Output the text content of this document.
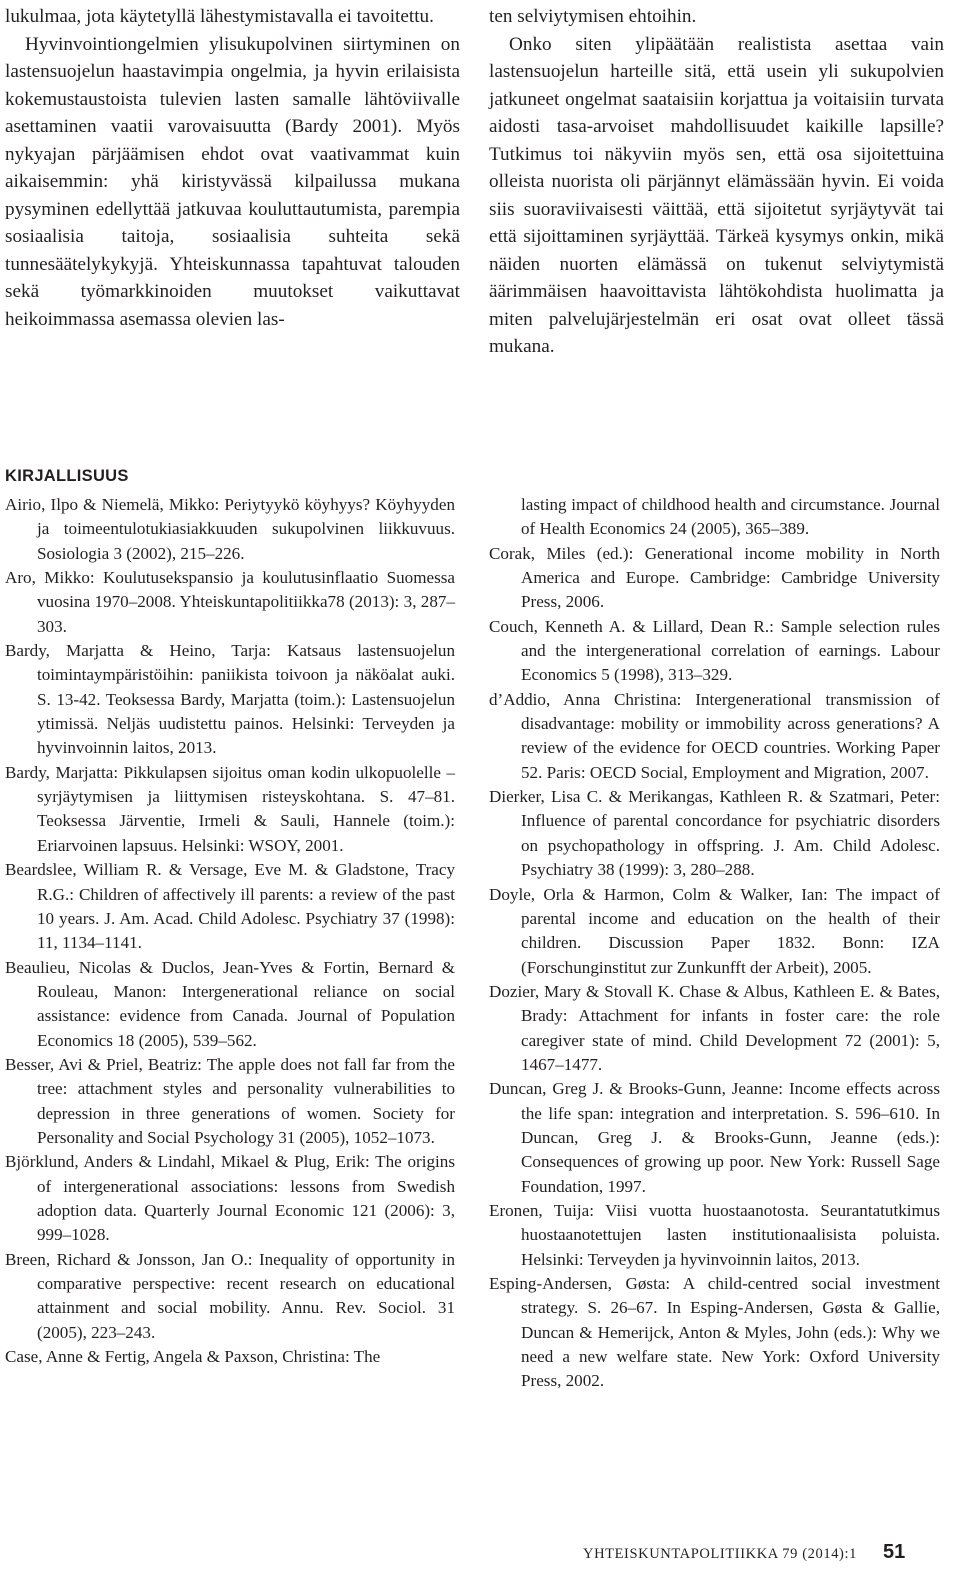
lukulmaa, jota käytetyllä lähestymistavalla ei tavoitettu.

Hyvinvointiongelmien ylisukupolvinen siirtyminen on lastensuojelun haastavimpia ongelmia, ja hyvin erilaisista kokemustaustoista tulevien lasten samalle lähtöviivalle asettaminen vaatii varovaisuutta (Bardy 2001). Myös nykyajan pärjäämisen ehdot ovat vaativammat kuin aikaisemmin: yhä kiristyvässä kilpailussa mukana pysyminen edellyttää jatkuvaa kouluttautumista, parempia sosiaalisia taitoja, sosiaalisia suhteita sekä tunnesäätelykykyjä. Yhteiskunnassa tapahtuvat talouden sekä työmarkkinoiden muutokset vaikuttavat heikoimmassa asemassa olevien las-

ten selviytymisen ehtoihin.

Onko siten ylipäätään realistista asettaa vain lastensuojelun harteille sitä, että usein yli sukupolvien jatkuneet ongelmat saataisiin korjattua ja voitaisiin turvata aidosti tasa-arvoiset mahdollisuudet kaikille lapsille? Tutkimus toi näkyviin myös sen, että osa sijoitettuina olleista nuorista oli pärjännyt elämässään hyvin. Ei voida siis suoraviivaisesti väittää, että sijoitetut syrjäytyvät tai että sijoittaminen syrjäyttää. Tärkeä kysymys onkin, mikä näiden nuorten elämässä on tukenut selviytymistä äärimmäisen haavoittavista lähtökohdista huolimatta ja miten palvelujärjestelmän eri osat ovat olleet tässä mukana.

KIRJALLISUUS
Airio, Ilpo & Niemelä, Mikko: Periytyykö köyhyys? Köyhyyden ja toimeentulotukiasiakkuuden sukupolvinen liikkuvuus. Sosiologia 3 (2002), 215–226.
Aro, Mikko: Koulutusekspansio ja koulutusinflaatio Suomessa vuosina 1970–2008. Yhteiskuntapolitiikka78 (2013): 3, 287–303.
Bardy, Marjatta & Heino, Tarja: Katsaus lastensuojelun toimintaympäristöihin: paniikista toivoon ja näköalat auki. S. 13-42. Teoksessa Bardy, Marjatta (toim.): Lastensuojelun ytimissä. Neljäs uudistettu painos. Helsinki: Terveyden ja hyvinvoinnin laitos, 2013.
Bardy, Marjatta: Pikkulapsen sijoitus oman kodin ulkopuolelle – syrjäytymisen ja liittymisen risteyskohtana. S. 47–81. Teoksessa Järventie, Irmeli & Sauli, Hannele (toim.): Eriarvoinen lapsuus. Helsinki: WSOY, 2001.
Beardslee, William R. & Versage, Eve M. & Gladstone, Tracy R.G.: Children of affectively ill parents: a review of the past 10 years. J. Am. Acad. Child Adolesc. Psychiatry 37 (1998): 11, 1134–1141.
Beaulieu, Nicolas & Duclos, Jean-Yves & Fortin, Bernard & Rouleau, Manon: Intergenerational reliance on social assistance: evidence from Canada. Journal of Population Economics 18 (2005), 539–562.
Besser, Avi & Priel, Beatriz: The apple does not fall far from the tree: attachment styles and personality vulnerabilities to depression in three generations of women. Society for Personality and Social Psychology 31 (2005), 1052–1073.
Björklund, Anders & Lindahl, Mikael & Plug, Erik: The origins of intergenerational associations: lessons from Swedish adoption data. Quarterly Journal Economic 121 (2006): 3, 999–1028.
Breen, Richard & Jonsson, Jan O.: Inequality of opportunity in comparative perspective: recent research on educational attainment and social mobility. Annu. Rev. Sociol. 31 (2005), 223–243.
Case, Anne & Fertig, Angela & Paxson, Christina: The
lasting impact of childhood health and circumstance. Journal of Health Economics 24 (2005), 365–389.
Corak, Miles (ed.): Generational income mobility in North America and Europe. Cambridge: Cambridge University Press, 2006.
Couch, Kenneth A. & Lillard, Dean R.: Sample selection rules and the intergenerational correlation of earnings. Labour Economics 5 (1998), 313–329.
d’Addio, Anna Christina: Intergenerational transmission of disadvantage: mobility or immobility across generations? A review of the evidence for OECD countries. Working Paper 52. Paris: OECD Social, Employment and Migration, 2007.
Dierker, Lisa C. & Merikangas, Kathleen R. & Szatmari, Peter: Influence of parental concordance for psychiatric disorders on psychopathology in offspring. J. Am. Child Adolesc. Psychiatry 38 (1999): 3, 280–288.
Doyle, Orla & Harmon, Colm & Walker, Ian: The impact of parental income and education on the health of their children. Discussion Paper 1832. Bonn: IZA (Forschunginstitut zur Zunkunfft der Arbeit), 2005.
Dozier, Mary & Stovall K. Chase & Albus, Kathleen E. & Bates, Brady: Attachment for infants in foster care: the role caregiver state of mind. Child Development 72 (2001): 5, 1467–1477.
Duncan, Greg J. & Brooks-Gunn, Jeanne: Income effects across the life span: integration and interpretation. S. 596–610. In Duncan, Greg J. & Brooks-Gunn, Jeanne (eds.): Consequences of growing up poor. New York: Russell Sage Foundation, 1997.
Eronen, Tuija: Viisi vuotta huostaanotosta. Seurantatutkimus huostaanotettujen lasten institutionaalisista poluista. Helsinki: Terveyden ja hyvinvoinnin laitos, 2013.
Esping-Andersen, Gøsta: A child-centred social investment strategy. S. 26–67. In Esping-Andersen, Gøsta & Gallie, Duncan & Hemerijck, Anton & Myles, John (eds.): Why we need a new welfare state. New York: Oxford University Press, 2002.
YHTEISKUNTAPOLITIIKKA 79 (2014):1 51
